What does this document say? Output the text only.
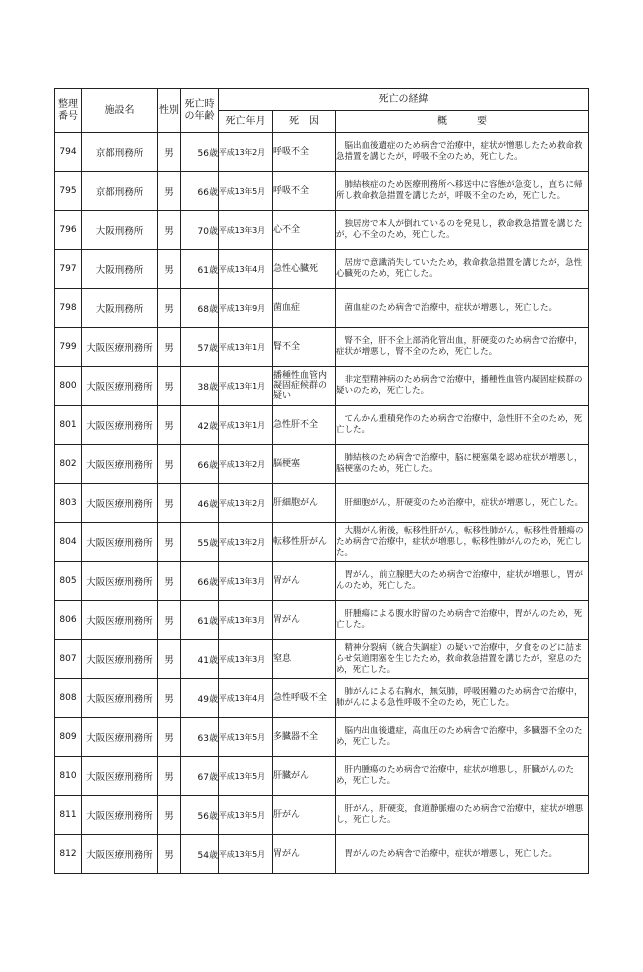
整理
番号	施設名	性別	死亡時
の年齢	死亡の経緯		
				死亡年月	死　因	概　　　要
794	京都刑務所	男	56歳	平成13年2月	呼吸不全	　脳出血後遺症のため病舎で治療中，症状が憎悪したため救命救急措置を講じたが，呼吸不全のため，死亡した。
795	京都刑務所	男	66歳	平成13年5月	呼吸不全	　肺結核症のため医療刑務所へ移送中に容態が急変し，直ちに帰所し救命救急措置を講じたが，呼吸不全のため，死亡した。
796	大阪刑務所	男	70歳	平成13年3月	心不全	　独居房で本人が倒れているのを発見し，救命救急措置を講じたが，心不全のため，死亡した。
797	大阪刑務所	男	61歳	平成13年4月	急性心臓死	　居房で意識消失していたため，救命救急措置を講じたが，急性心臓死のため，死亡した。
798	大阪刑務所	男	68歳	平成13年9月	菌血症	　菌血症のため病舎で治療中，症状が増悪し，死亡した。
799	大阪医療刑務所	男	57歳	平成13年1月	腎不全	　腎不全，肝不全上部消化管出血，肝硬変のため病舎で治療中，症状が増悪し，腎不全のため，死亡した。
800	大阪医療刑務所	男	38歳	平成13年1月	播種性血管内
凝固症候群の
疑い	　非定型精神病のため病舎で治療中，播種性血管内凝固症候群の疑いのため，死亡した。
801	大阪医療刑務所	男	42歳	平成13年1月	急性肝不全	　てんかん重積発作のため病舎で治療中，急性肝不全のため，死亡した。
802	大阪医療刑務所	男	66歳	平成13年2月	脳梗塞	　肺結核のため病舎で治療中，脳に梗塞巣を認め症状が増悪し，脳梗塞のため，死亡した。
803	大阪医療刑務所	男	46歳	平成13年2月	肝細胞がん	　肝細胞がん，肝硬変のため治療中，症状が増悪し，死亡した。
804	大阪医療刑務所	男	55歳	平成13年2月	転移性肝がん	　大腸がん術後，転移性肝がん，転移性肺がん，転移性骨腫瘍のため病舎で治療中，症状が増悪し，転移性肺がんのため，死亡した。
805	大阪医療刑務所	男	66歳	平成13年3月	胃がん	　胃がん，前立腺肥大のため病舎で治療中，症状が増悪し，胃がんのため，死亡した。
806	大阪医療刑務所	男	61歳	平成13年3月	胃がん	　肝腫瘍による腹水貯留のため病舎で治療中，胃がんのため，死亡した。
807	大阪医療刑務所	男	41歳	平成13年3月	窒息	　精神分裂病（統合失調症）の疑いで治療中，夕食をのどに詰まらせ気道閉塞を生じたため，救命救急措置を講じたが，窒息のため，死亡した。
808	大阪医療刑務所	男	49歳	平成13年4月	急性呼吸不全	　肺がんによる右胸水，無気肺，呼吸困難のため病舎で治療中，肺がんによる急性呼吸不全のため，死亡した。
809	大阪医療刑務所	男	63歳	平成13年5月	多臓器不全	　脳内出血後遺症，高血圧のため病舎で治療中，多臓器不全のため，死亡した。
810	大阪医療刑務所	男	67歳	平成13年5月	肝臓がん	　肝内腫瘍のため病舎で治療中，症状が増悪し，肝臓がんのため，死亡した。
811	大阪医療刑務所	男	56歳	平成13年5月	肝がん	　肝がん，肝硬変，食道静脈瘤のため病舎で治療中，症状が増悪し，死亡した。
812	大阪医療刑務所	男	54歳	平成13年5月	胃がん	　胃がんのため病舎で治療中，症状が増悪し，死亡した。
